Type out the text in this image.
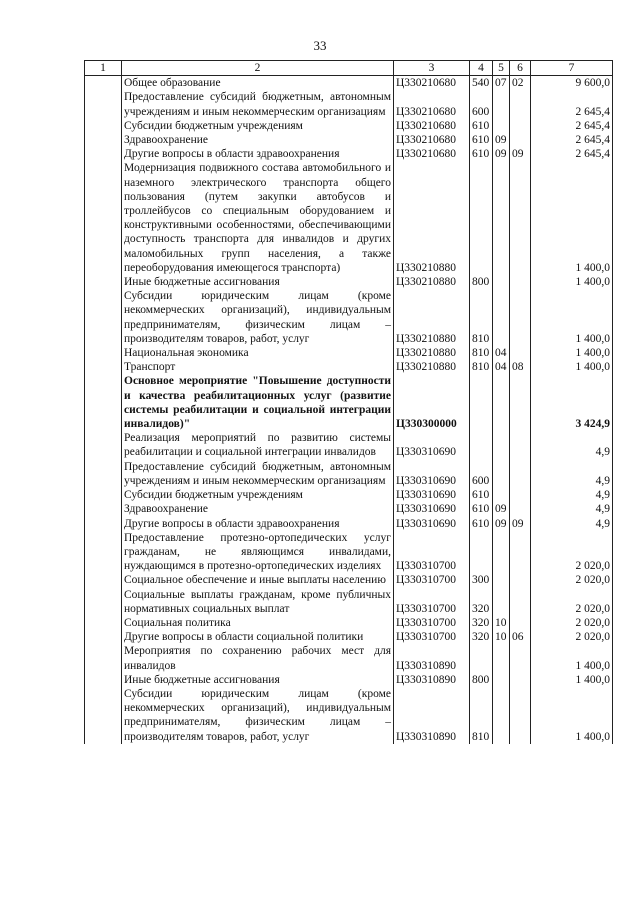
33
1	2	3	4	5	6	7
	Общее образование	Ц330210680	540	07	02	9 600,0
	Предоставление субсидий бюджетным, автономным учреждениям и иным некоммерческим организациям	Ц330210680	600			2 645,4
	Субсидии бюджетным учреждениям	Ц330210680	610			2 645,4
	Здравоохранение	Ц330210680	610	09		2 645,4
	Другие вопросы в области здравоохранения	Ц330210680	610	09	09	2 645,4
	Модернизация подвижного состава автомобильного и наземного электрического транспорта общего пользования (путем закупки автобусов и троллейбусов со специальным оборудованием и конструктивными особенностями, обеспечивающими доступность транспорта для инвалидов и других маломобильных групп населения, а также переоборудования имеющегося транспорта)	Ц330210880				1 400,0
	Иные бюджетные ассигнования	Ц330210880	800			1 400,0
	Субсидии юридическим лицам (кроме некоммерческих организаций), индивидуальным предпринимателям, физическим лицам – производителям товаров, работ, услуг	Ц330210880	810			1 400,0
	Национальная экономика	Ц330210880	810	04		1 400,0
	Транспорт	Ц330210880	810	04	08	1 400,0
	Основное мероприятие "Повышение доступности и качества реабилитационных услуг (развитие системы реабилитации и социальной интеграции инвалидов)"	Ц330300000				3 424,9
	Реализация мероприятий по развитию системы реабилитации и социальной интеграции инвалидов	Ц330310690				4,9
	Предоставление субсидий бюджетным, автономным учреждениям и иным некоммерческим организациям	Ц330310690	600			4,9
	Субсидии бюджетным учреждениям	Ц330310690	610			4,9
	Здравоохранение	Ц330310690	610	09		4,9
	Другие вопросы в области здравоохранения	Ц330310690	610	09	09	4,9
	Предоставление протезно-ортопедических услуг гражданам, не являющимся инвалидами, нуждающимся в протезно-ортопедических изделиях	Ц330310700				2 020,0
	Социальное обеспечение и иные выплаты населению	Ц330310700	300			2 020,0
	Социальные выплаты гражданам, кроме публичных нормативных социальных выплат	Ц330310700	320			2 020,0
	Социальная политика	Ц330310700	320	10		2 020,0
	Другие вопросы в области социальной политики	Ц330310700	320	10	06	2 020,0
	Мероприятия по сохранению рабочих мест для инвалидов	Ц330310890				1 400,0
	Иные бюджетные ассигнования	Ц330310890	800			1 400,0
	Субсидии юридическим лицам (кроме некоммерческих организаций), индивидуальным предпринимателям, физическим лицам – производителям товаров, работ, услуг	Ц330310890	810			1 400,0
